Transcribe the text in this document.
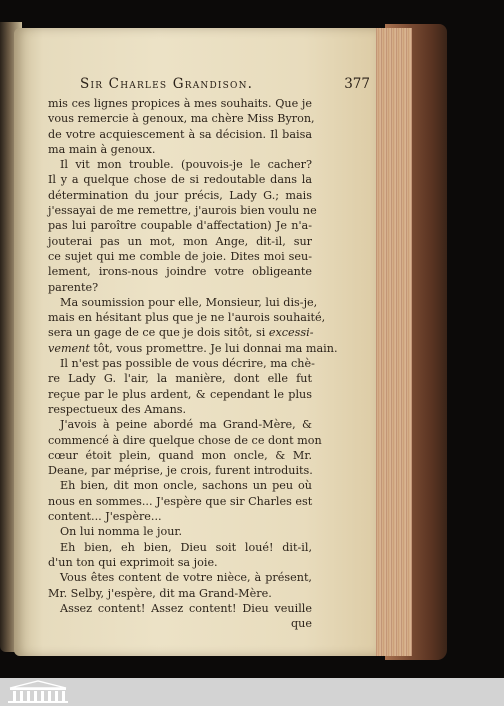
Sir Charles Grandison.	377
mis ces lignes propices à mes souhaits. Que je
vous remercie à genoux, ma chère Miss Byron,
de votre acquiescement à sa décision. Il baisa
ma main à genoux.
Il vit mon trouble. (pouvois-je le cacher?
Il y a quelque chose de si redoutable dans la
détermination du jour précis, Lady G.; mais
j'essayai de me remettre, j'aurois bien voulu ne
pas lui paroître coupable d'affectation) Je n'a-
jouterai pas un mot, mon Ange, dit-il, sur
ce sujet qui me comble de joie. Dites moi seu-
lement, irons-nous joindre votre obligeante
parente?
Ma soumission pour elle, Monsieur, lui dis-je,
mais en hésitant plus que je ne l'aurois souhaité,
sera un gage de ce que je dois sitôt, si excessi-
vement tôt, vous promettre. Je lui donnai ma main.
Il n'est pas possible de vous décrire, ma chè-
re Lady G. l'air, la manière, dont elle fut
reçue par le plus ardent, & cependant le plus
respectueux des Amans.
J'avois à peine abordé ma Grand-Mère, &
commencé à dire quelque chose de ce dont mon
cœur étoit plein, quand mon oncle, & Mr.
Deane, par méprise, je crois, furent introduits.
Eh bien, dit mon oncle, sachons un peu où
nous en sommes... J'espère que sir Charles est
content... J'espère...
On lui nomma le jour.
Eh bien, eh bien, Dieu soit loué! dit-il,
d'un ton qui exprimoit sa joie.
Vous êtes content de votre nièce, à présent,
Mr. Selby, j'espère, dit ma Grand-Mère.
Assez content! Assez content! Dieu veuille
que
